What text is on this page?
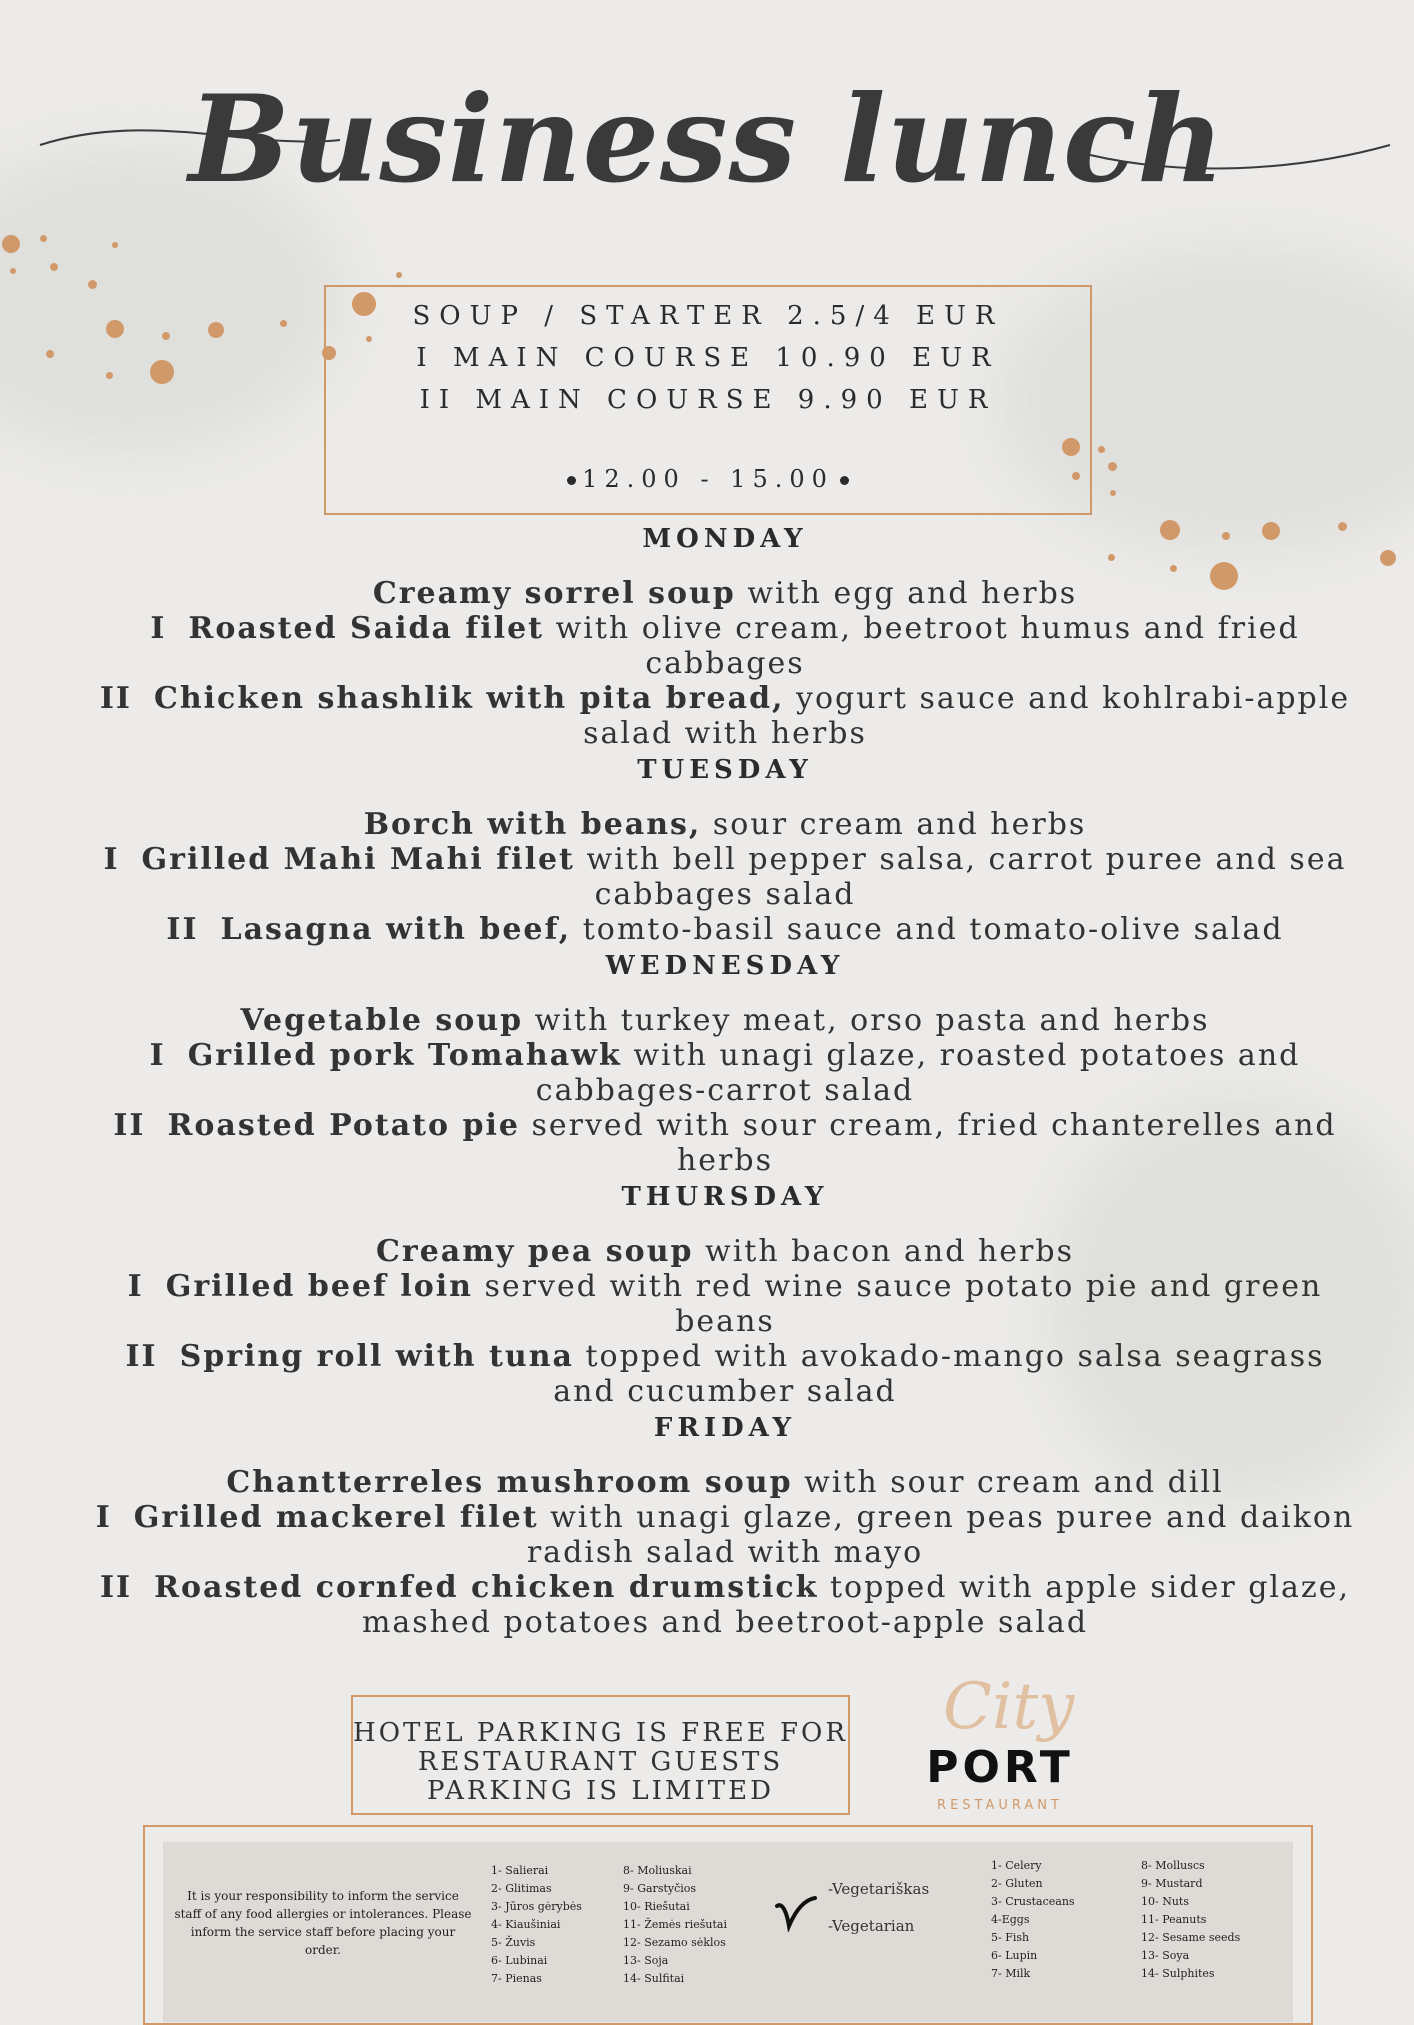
Business lunch
SOUP / STARTER 2.5/4 EUR
I MAIN COURSE 10.90 EUR
II MAIN COURSE 9.90 EUR
12.00 - 15.00
MONDAY
Creamy sorrel soup with egg and herbs
I Roasted Saida filet with olive cream, beetroot humus and fried cabbages
II Chicken shashlik with pita bread, yogurt sauce and kohlrabi-apple salad with herbs
TUESDAY
Borch with beans, sour cream and herbs
I Grilled Mahi Mahi filet with bell pepper salsa, carrot puree and sea cabbages salad
II Lasagna with beef, tomto-basil sauce and tomato-olive salad
WEDNESDAY
Vegetable soup with turkey meat, orso pasta and herbs
I Grilled pork Tomahawk with unagi glaze, roasted potatoes and cabbages-carrot salad
II Roasted Potato pie served with sour cream, fried chanterelles and herbs
THURSDAY
Creamy pea soup with bacon and herbs
I Grilled beef loin served with red wine sauce potato pie and green beans
II Spring roll with tuna topped with avokado-mango salsa seagrass and cucumber salad
FRIDAY
Chantterreles mushroom soup with sour cream and dill
I Grilled mackerel filet with unagi glaze, green peas puree and daikon radish salad with mayo
II Roasted cornfed chicken drumstick topped with apple sider glaze, mashed potatoes and beetroot-apple salad
HOTEL PARKING IS FREE FOR
RESTAURANT GUESTS
PARKING IS LIMITED
City
PORT
RESTAURANT
It is your responsibility to inform the service staff of any food allergies or intolerances. Please inform the service staff before placing your order.
1- Salierai
2- Glitimas
3- Jūros gėrybės
4- Kiaušiniai
5- Žuvis
6- Lubinai
7- Pienas
8- Moliuskai
9- Garstyčios
10- Riešutai
11- Žemės riešutai
12- Sezamo sėklos
13- Soja
14- Sulfitai
-Vegetariškas
-Vegetarian
1- Celery
2- Gluten
3- Crustaceans
4-Eggs
5- Fish
6- Lupin
7- Milk
8- Molluscs
9- Mustard
10- Nuts
11- Peanuts
12- Sesame seeds
13- Soya
14- Sulphites
